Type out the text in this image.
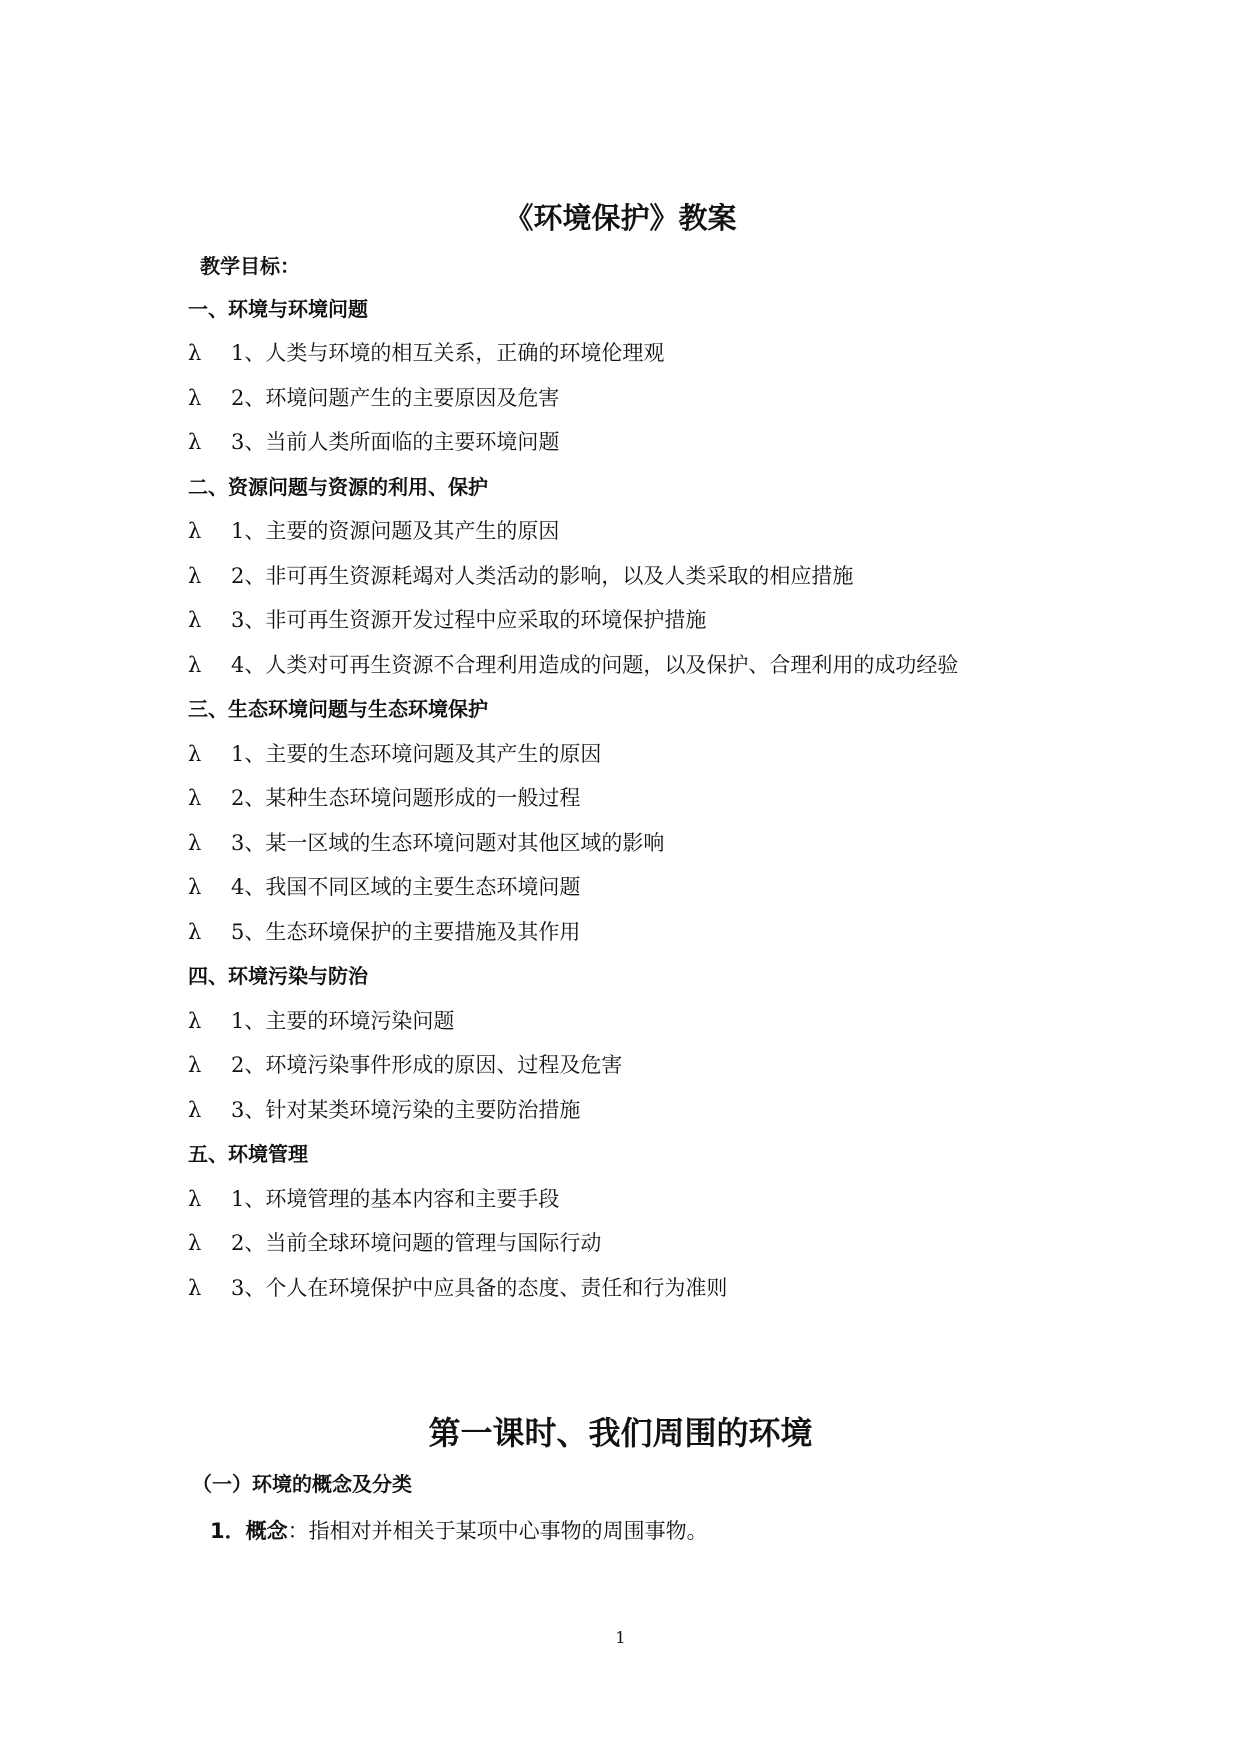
《环境保护》教案
教学目标：
一、环境与环境问题
λ 1、人类与环境的相互关系，正确的环境伦理观
λ 2、环境问题产生的主要原因及危害
λ 3、当前人类所面临的主要环境问题
二、资源问题与资源的利用、保护
λ 1、主要的资源问题及其产生的原因
λ 2、非可再生资源耗竭对人类活动的影响，以及人类采取的相应措施
λ 3、非可再生资源开发过程中应采取的环境保护措施
λ 4、人类对可再生资源不合理利用造成的问题，以及保护、合理利用的成功经验
三、生态环境问题与生态环境保护
λ 1、主要的生态环境问题及其产生的原因
λ 2、某种生态环境问题形成的一般过程
λ 3、某一区域的生态环境问题对其他区域的影响
λ 4、我国不同区域的主要生态环境问题
λ 5、生态环境保护的主要措施及其作用
四、环境污染与防治
λ 1、主要的环境污染问题
λ 2、环境污染事件形成的原因、过程及危害
λ 3、针对某类环境污染的主要防治措施
五、环境管理
λ 1、环境管理的基本内容和主要手段
λ 2、当前全球环境问题的管理与国际行动
λ 3、个人在环境保护中应具备的态度、责任和行为准则
第一课时、我们周围的环境
（一）环境的概念及分类
1．概念：指相对并相关于某项中心事物的周围事物。
1
